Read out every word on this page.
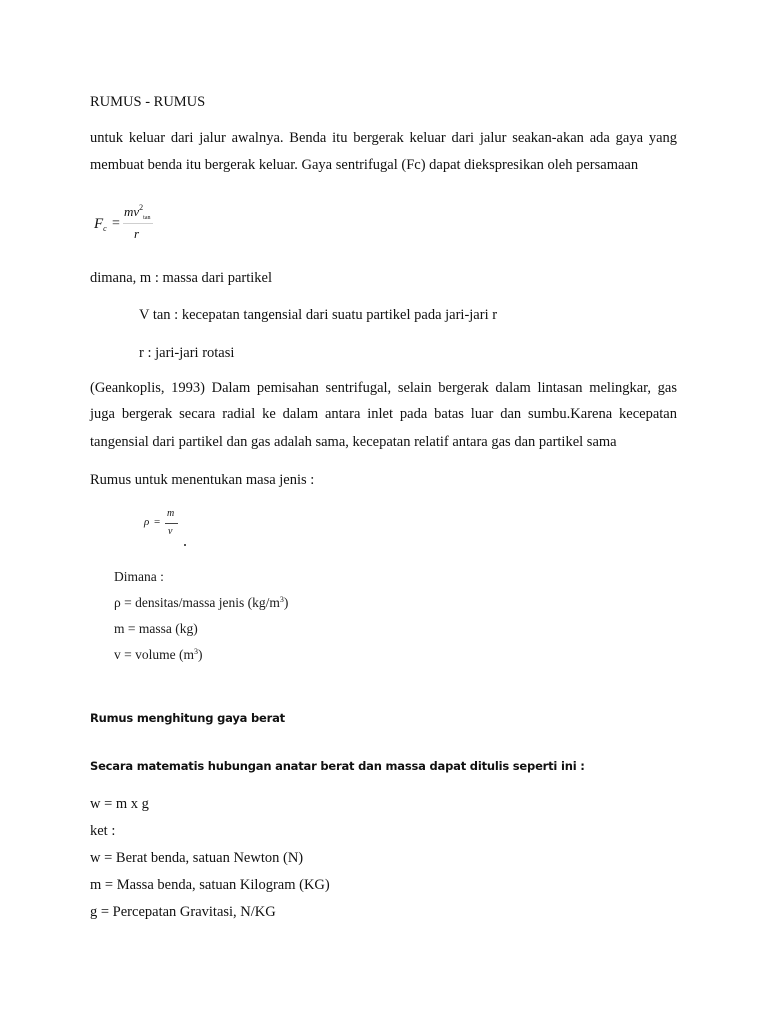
RUMUS - RUMUS
untuk keluar dari jalur awalnya. Benda itu bergerak keluar dari jalur seakan-akan ada gaya yang
membuat benda itu bergerak keluar. Gaya sentrifugal (Fc) dapat diekspresikan oleh persamaan
$F_c$ =
$mv^2_{tan}$
r
dimana, m : massa dari partikel
V tan : kecepatan tangensial dari suatu partikel pada jari-jari r
r : jari-jari rotasi
(Geankoplis, 1993) Dalam pemisahan sentrifugal, selain bergerak dalam lintasan melingkar, gas
juga bergerak secara radial ke dalam antara inlet pada batas luar dan sumbu.Karena kecepatan
tangensial dari partikel dan gas adalah sama, kecepatan relatif antara gas dan partikel sama
Rumus untuk menentukan masa jenis :
ρ =
m
v
Dimana :
ρ = densitas/massa jenis $(kg/m^3)$
m = massa (kg)
v = volume $(m^3)$
Rumus menghitung gaya berat
Secara matematis hubungan anatar berat dan massa dapat ditulis seperti ini :
w = m x g
ket :
w = Berat benda, satuan Newton (N)
m = Massa benda, satuan Kilogram (KG)
g = Percepatan Gravitasi, N/KG
